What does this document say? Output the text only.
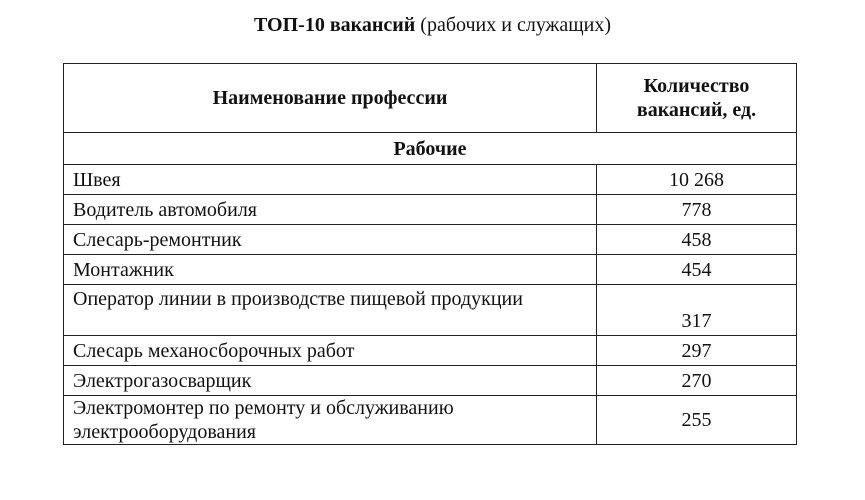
ТОП-10 вакансий (рабочих и служащих)
Наименование профессии	Количество вакансий, ед.
Рабочие	
Швея	10 268
Водитель автомобиля	778
Слесарь-ремонтник	458
Монтажник	454
Оператор линии в производстве пищевой продукции	317
Слесарь механосборочных работ	297
Электрогазосварщик	270
Электромонтер по ремонту и обслуживанию электрооборудования	255
